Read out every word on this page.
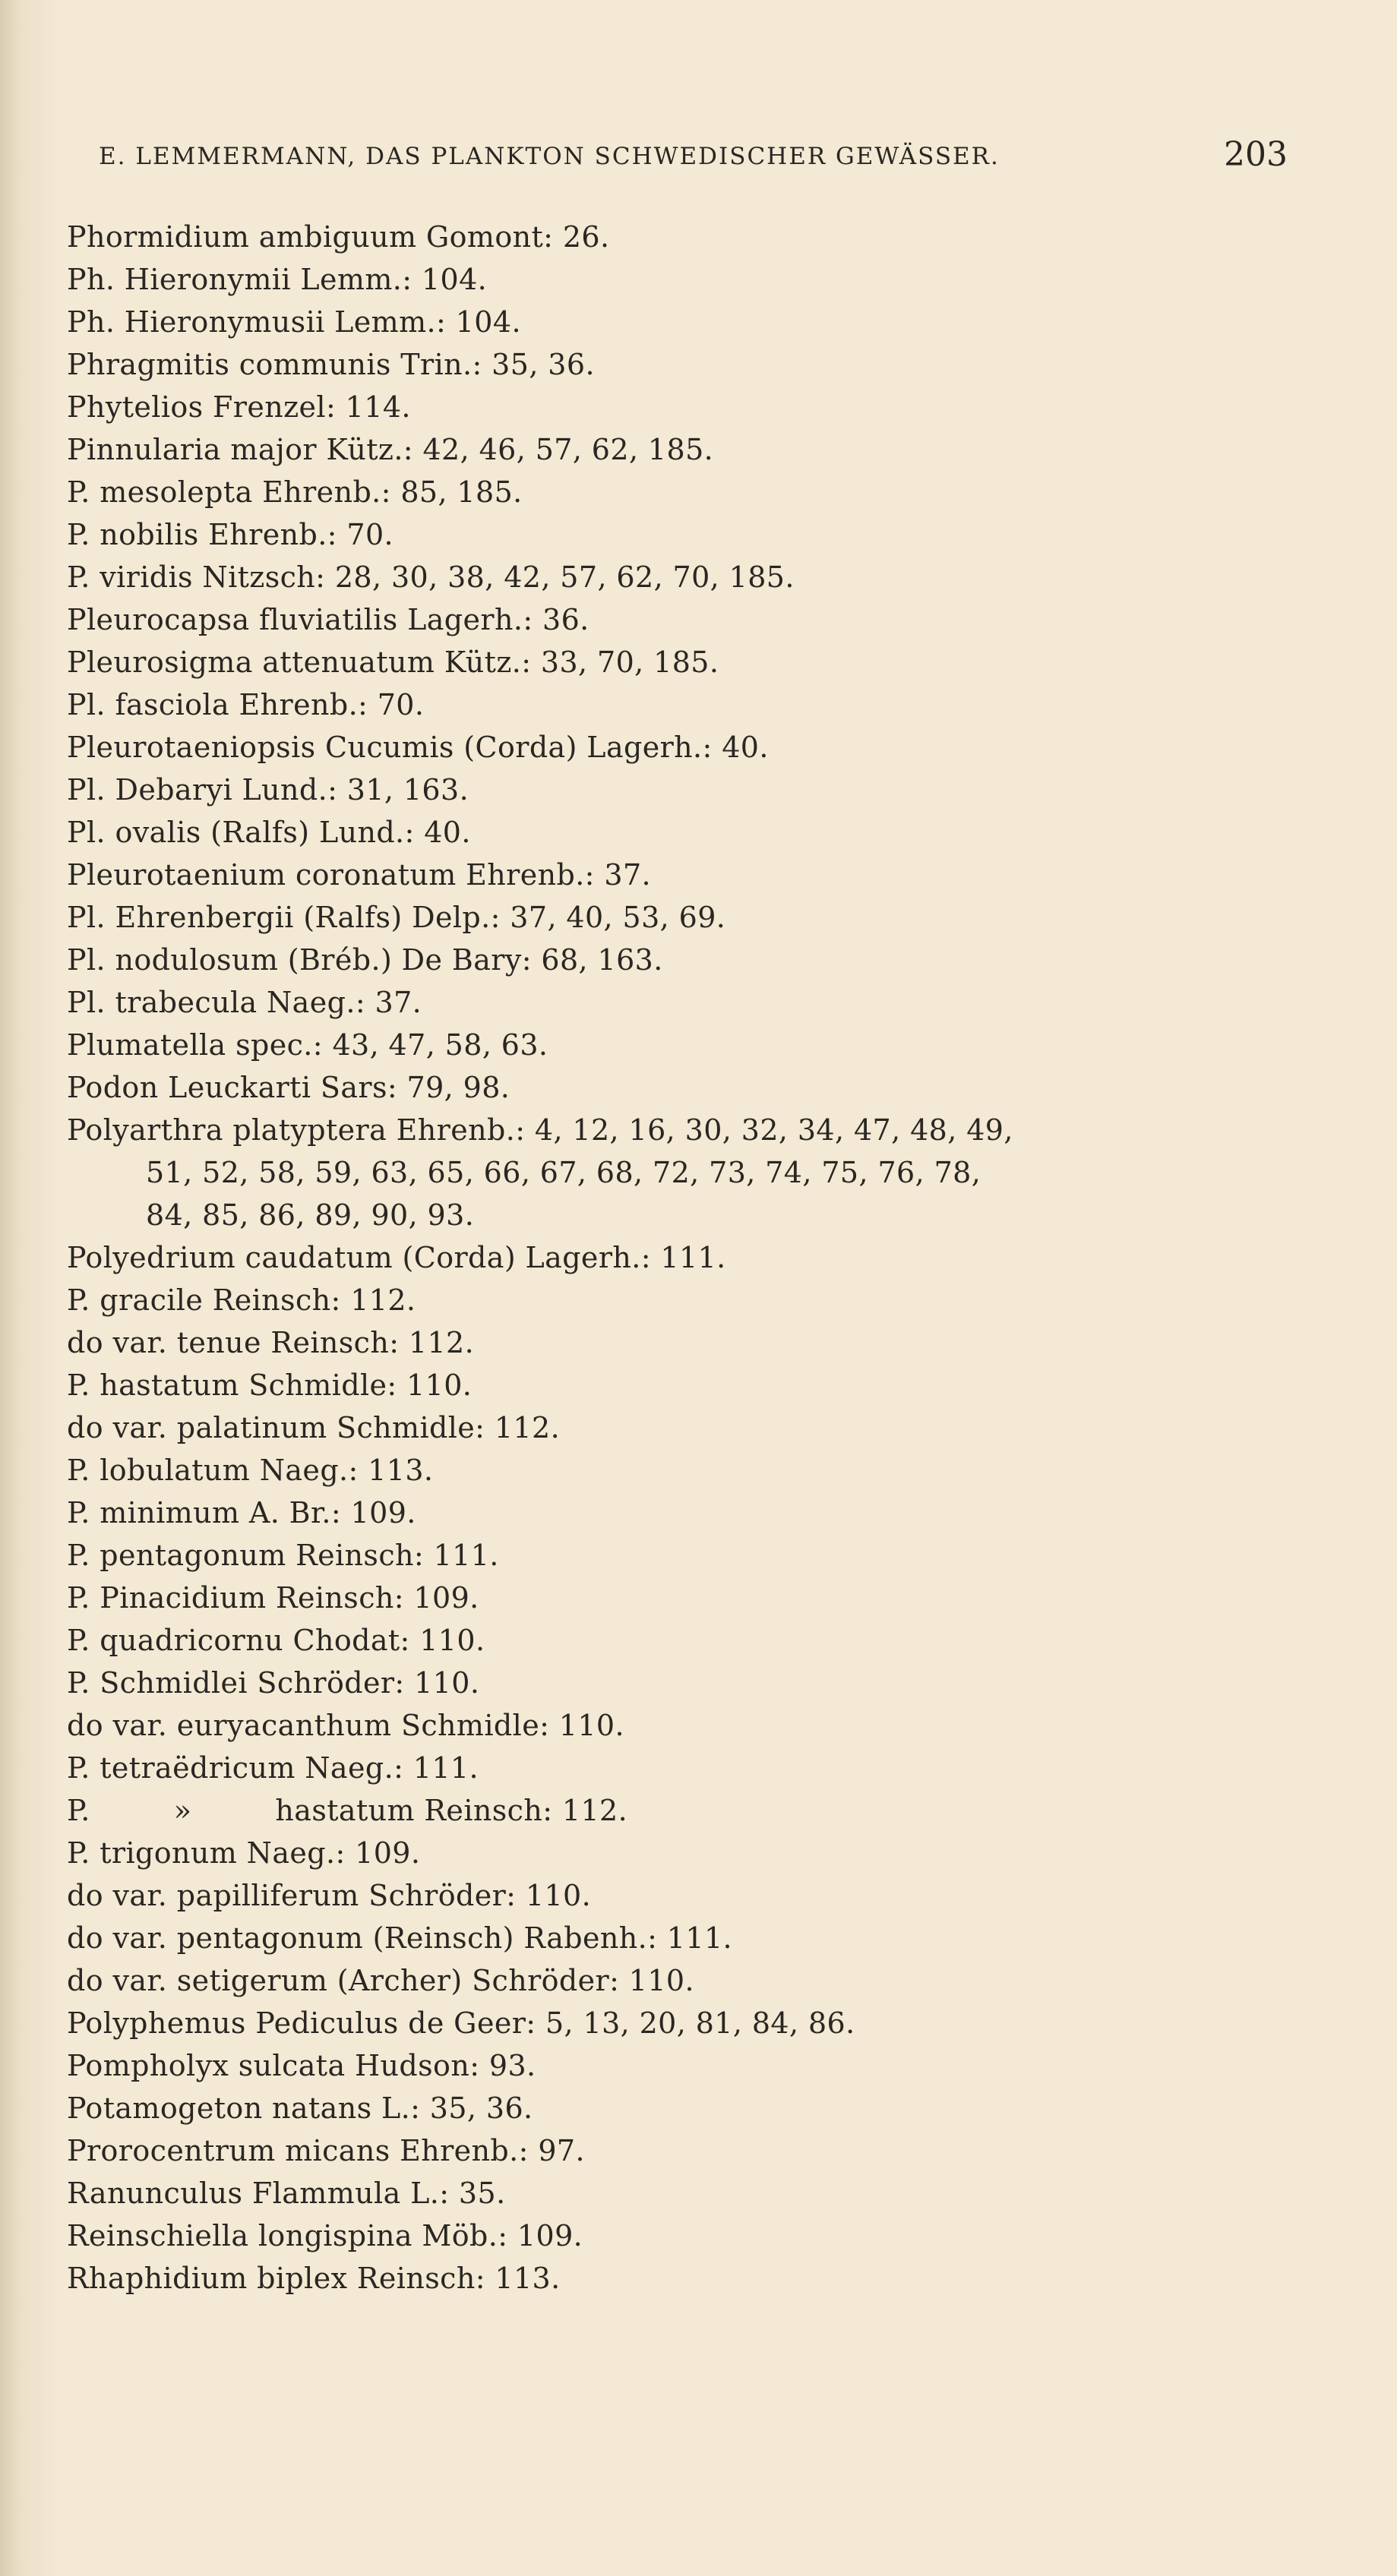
E. LEMMERMANN, DAS PLANKTON SCHWEDISCHER GEWÄSSER.	203
Phormidium ambiguum Gomont: 26.
Ph. Hieronymii Lemm.: 104.
Ph. Hieronymusii Lemm.: 104.
Phragmitis communis Trin.: 35, 36.
Phytelios Frenzel: 114.
Pinnularia major Kütz.: 42, 46, 57, 62, 185.
P. mesolepta Ehrenb.: 85, 185.
P. nobilis Ehrenb.: 70.
P. viridis Nitzsch: 28, 30, 38, 42, 57, 62, 70, 185.
Pleurocapsa fluviatilis Lagerh.: 36.
Pleurosigma attenuatum Kütz.: 33, 70, 185.
Pl. fasciola Ehrenb.: 70.
Pleurotaeniopsis Cucumis (Corda) Lagerh.: 40.
Pl. Debaryi Lund.: 31, 163.
Pl. ovalis (Ralfs) Lund.: 40.
Pleurotaenium coronatum Ehrenb.: 37.
Pl. Ehrenbergii (Ralfs) Delp.: 37, 40, 53, 69.
Pl. nodulosum (Bréb.) De Bary: 68, 163.
Pl. trabecula Naeg.: 37.
Plumatella spec.: 43, 47, 58, 63.
Podon Leuckarti Sars: 79, 98.
Polyarthra platyptera Ehrenb.: 4, 12, 16, 30, 32, 34, 47, 48, 49,
51, 52, 58, 59, 63, 65, 66, 67, 68, 72, 73, 74, 75, 76, 78,
84, 85, 86, 89, 90, 93.
Polyedrium caudatum (Corda) Lagerh.: 111.
P. gracile Reinsch: 112.
do var. tenue Reinsch: 112.
P. hastatum Schmidle: 110.
do var. palatinum Schmidle: 112.
P. lobulatum Naeg.: 113.
P. minimum A. Br.: 109.
P. pentagonum Reinsch: 111.
P. Pinacidium Reinsch: 109.
P. quadricornu Chodat: 110.
P. Schmidlei Schröder: 110.
do var. euryacanthum Schmidle: 110.
P. tetraëdricum Naeg.: 111.
P.	»	hastatum Reinsch: 112.
P. trigonum Naeg.: 109.
do var. papilliferum Schröder: 110.
do var. pentagonum (Reinsch) Rabenh.: 111.
do var. setigerum (Archer) Schröder: 110.
Polyphemus Pediculus de Geer: 5, 13, 20, 81, 84, 86.
Pompholyx sulcata Hudson: 93.
Potamogeton natans L.: 35, 36.
Prorocentrum micans Ehrenb.: 97.
Ranunculus Flammula L.: 35.
Reinschiella longispina Möb.: 109.
Rhaphidium biplex Reinsch: 113.
